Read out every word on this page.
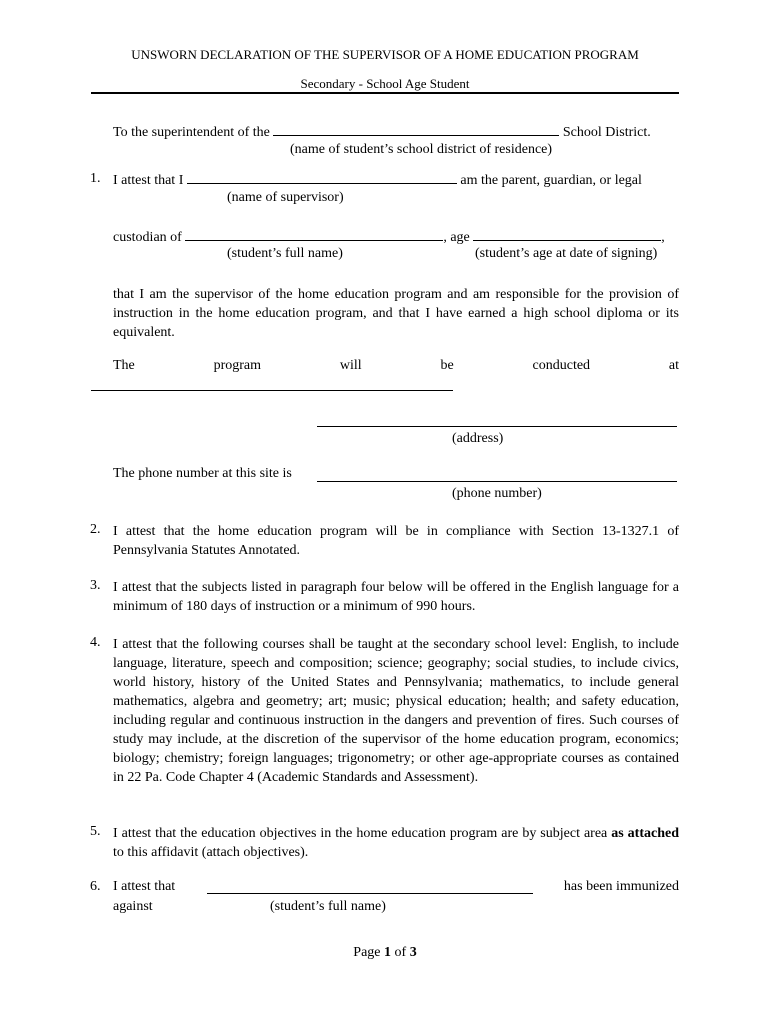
UNSWORN DECLARATION OF THE SUPERVISOR OF A HOME EDUCATION PROGRAM
Secondary - School Age Student
To the superintendent of the	School District.
(name of student’s school district of residence)
1. I attest that I	am the parent, guardian, or legal
(name of supervisor)
custodian of	, age	,
(student’s full name)	(student’s age at date of signing)
that I am the supervisor of the home education program and am responsible for the provision of instruction in the home education program, and that I have earned a high school diploma or its equivalent.
The	program	will	be	conducted	at
(address)
The phone number at this site is
(phone number)
2. I attest that the home education program will be in compliance with Section 13-1327.1 of Pennsylvania Statutes Annotated.
3. I attest that the subjects listed in paragraph four below will be offered in the English language for a minimum of 180 days of instruction or a minimum of 990 hours.
4. I attest that the following courses shall be taught at the secondary school level: English, to include language, literature, speech and composition; science; geography; social studies, to include civics, world history, history of the United States and Pennsylvania; mathematics, to include general mathematics, algebra and geometry; art; music; physical education; health; and safety education, including regular and continuous instruction in the dangers and prevention of fires. Such courses of study may include, at the discretion of the supervisor of the home education program, economics; biology; chemistry; foreign languages; trigonometry; or other age-appropriate courses as contained in 22 Pa. Code Chapter 4 (Academic Standards and Assessment).
5. I attest that the education objectives in the home education program are by subject area as attached to this affidavit (attach objectives).
6. I attest that	has been immunized
against	(student’s full name)
Page 1 of 3
